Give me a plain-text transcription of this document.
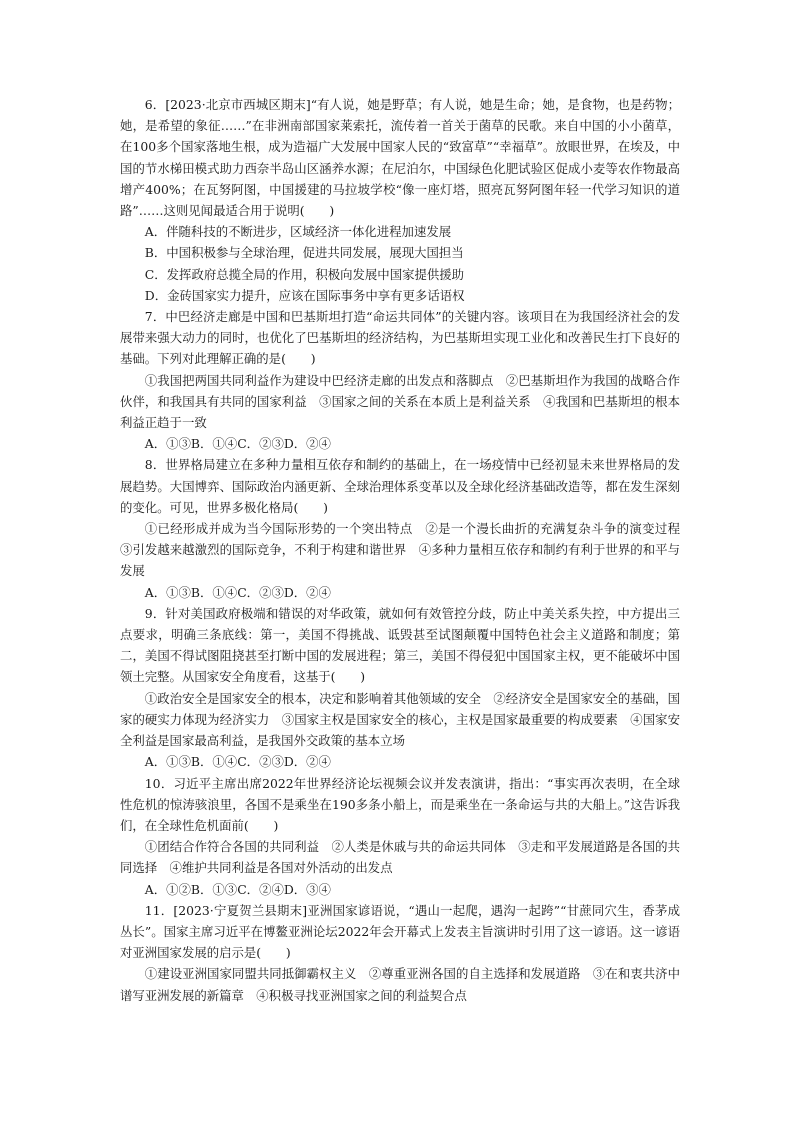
6．[2023·北京市西城区期末]“有人说，她是野草；有人说，她是生命；她，是食物，也是药物；她，是希望的象征……”在非洲南部国家莱索托，流传着一首关于菌草的民歌。来自中国的小小菌草，在100多个国家落地生根，成为造福广大发展中国家人民的“致富草”“幸福草”。放眼世界，在埃及，中国的节水梯田模式助力西奈半岛山区涵养水源；在尼泊尔，中国绿色化肥试验区促成小麦等农作物最高增产400%；在瓦努阿图，中国援建的马拉坡学校“像一座灯塔，照亮瓦努阿图年轻一代学习知识的道路”……这则见闻最适合用于说明(　　)

A．伴随科技的不断进步，区域经济一体化进程加速发展

B．中国积极参与全球治理，促进共同发展，展现大国担当

C．发挥政府总揽全局的作用，积极向发展中国家提供援助

D．金砖国家实力提升，应该在国际事务中享有更多话语权

7．中巴经济走廊是中国和巴基斯坦打造“命运共同体”的关键内容。该项目在为我国经济社会的发展带来强大动力的同时，也优化了巴基斯坦的经济结构，为巴基斯坦实现工业化和改善民生打下良好的基础。下列对此理解正确的是(　　)

①我国把两国共同利益作为建设中巴经济走廊的出发点和落脚点　②巴基斯坦作为我国的战略合作伙伴，和我国具有共同的国家利益　③国家之间的关系在本质上是利益关系　④我国和巴基斯坦的根本利益正趋于一致

A．①③B．①④C．②③D．②④

8．世界格局建立在多种力量相互依存和制约的基础上，在一场疫情中已经初显未来世界格局的发展趋势。大国博弈、国际政治内涵更新、全球治理体系变革以及全球化经济基础改造等，都在发生深刻的变化。可见，世界多极化格局(　　)

①已经形成并成为当今国际形势的一个突出特点　②是一个漫长曲折的充满复杂斗争的演变过程　③引发越来越激烈的国际竞争，不利于构建和谐世界　④多种力量相互依存和制约有利于世界的和平与发展

A．①③B．①④C．②③D．②④

9．针对美国政府极端和错误的对华政策，就如何有效管控分歧，防止中美关系失控，中方提出三点要求，明确三条底线：第一，美国不得挑战、诋毁甚至试图颠覆中国特色社会主义道路和制度；第二，美国不得试图阻挠甚至打断中国的发展进程；第三，美国不得侵犯中国国家主权，更不能破坏中国领土完整。从国家安全角度看，这基于(　　)

①政治安全是国家安全的根本，决定和影响着其他领域的安全　②经济安全是国家安全的基础，国家的硬实力体现为经济实力　③国家主权是国家安全的核心，主权是国家最重要的构成要素　④国家安全利益是国家最高利益，是我国外交政策的基本立场

A．①③B．①④C．②③D．②④

10．习近平主席出席2022年世界经济论坛视频会议并发表演讲，指出：“事实再次表明，在全球性危机的惊涛骇浪里，各国不是乘坐在190多条小船上，而是乘坐在一条命运与共的大船上。”这告诉我们，在全球性危机面前(　　)

①团结合作符合各国的共同利益　②人类是休戚与共的命运共同体　③走和平发展道路是各国的共同选择　④维护共同利益是各国对外活动的出发点

A．①②B．①③C．②④D．③④

11．[2023·宁夏贺兰县期末]亚洲国家谚语说，“遇山一起爬，遇沟一起跨”“甘蔗同穴生，香茅成丛长”。国家主席习近平在博鳌亚洲论坛2022年会开幕式上发表主旨演讲时引用了这一谚语。这一谚语对亚洲国家发展的启示是(　　)

①建设亚洲国家同盟共同抵御霸权主义　②尊重亚洲各国的自主选择和发展道路　③在和衷共济中谱写亚洲发展的新篇章　④积极寻找亚洲国家之间的利益契合点
